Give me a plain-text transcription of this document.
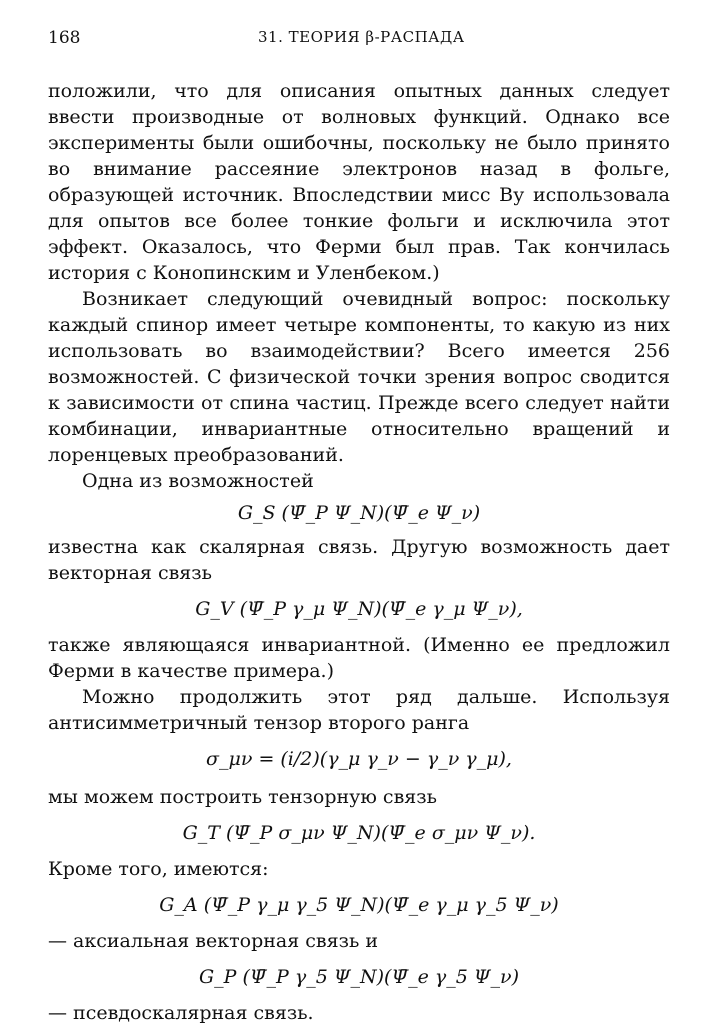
168	31. ТЕОРИЯ β-РАСПАДА

положили, что для описания опытных данных следует ввести производные от волновых функций. Однако все эксперименты были ошибочны, поскольку не было принято во внимание рассеяние электронов назад в фольге, образующей источник. Впоследствии мисс Ву использовала для опытов все более тонкие фольги и исключила этот эффект. Оказалось, что Ферми был прав. Так кончилась история с Конопинским и Уленбеком.)

Возникает следующий очевидный вопрос: поскольку каждый спинор имеет четыре компоненты, то какую из них использовать во взаимодействии? Всего имеется 256 возможностей. С физической точки зрения вопрос сводится к зависимости от спина частиц. Прежде всего следует найти комбинации, инвариантные относительно вращений и лоренцевых преобразований.

Одна из возможностей

G_S (Ψ̄_P Ψ_N)(Ψ̄_e Ψ_ν)

известна как скалярная связь. Другую возможность дает векторная связь

G_V (Ψ̄_P γ_μ Ψ_N)(Ψ̄_e γ_μ Ψ_ν),

также являющаяся инвариантной. (Именно ее предложил Ферми в качестве примера.)

Можно продолжить этот ряд дальше. Используя антисимметричный тензор второго ранга

σ_μν = (i/2)(γ_μ γ_ν − γ_ν γ_μ),

мы можем построить тензорную связь

G_T (Ψ̄_P σ_μν Ψ_N)(Ψ̄_e σ_μν Ψ_ν).

Кроме того, имеются:

G_A (Ψ̄_P γ_μ γ_5 Ψ_N)(Ψ̄_e γ_μ γ_5 Ψ_ν)

— аксиальная векторная связь и

G_P (Ψ̄_P γ_5 Ψ_N)(Ψ̄_e γ_5 Ψ_ν)

— псевдоскалярная связь.
